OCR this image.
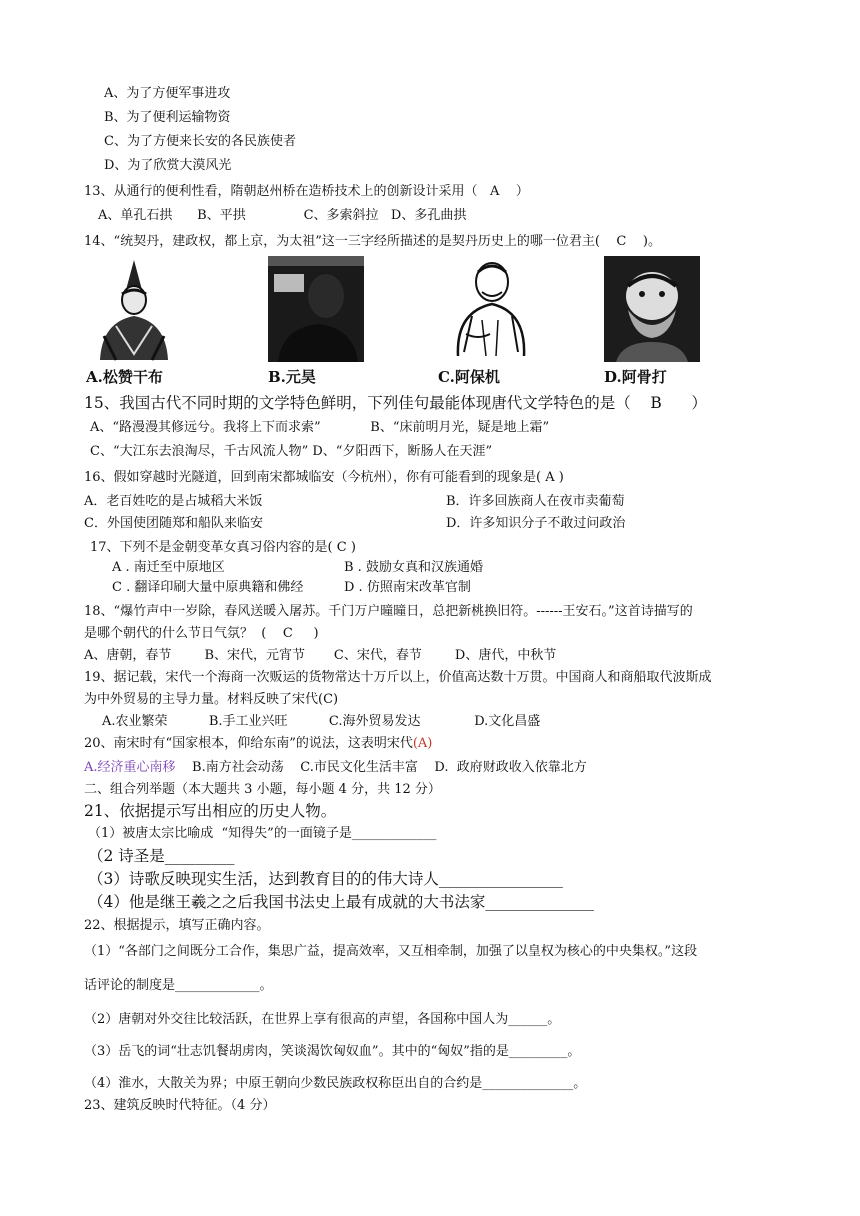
A、为了方便军事进攻
B、为了便利运输物资
C、为了方便来长安的各民族使者
D、为了欣赏大漠风光
13、从通行的便利性看，隋朝赵州桥在造桥技术上的创新设计采用（   A    ）
A、单孔石拱      B、平拱              C、多索斜拉   D、多孔曲拱
14、“统契丹，建政权，都上京，为太祖”这一三字经所描述的是契丹历史上的哪一位君主(    C    )。
A.松赞干布	B.元昊	C.阿保机	D.阿骨打
15、我国古代不同时期的文学特色鲜明，下列佳句最能体现唐代文学特色的是（    B      ）
A、“路漫漫其修远兮。我将上下而求索”            B、“床前明月光，疑是地上霜”
C、“大江东去浪淘尽，千古风流人物” D、“夕阳西下，断肠人在天涯”
16、假如穿越时光隧道，回到南宋都城临安（今杭州），你有可能看到的现象是( A )
A．老百姓吃的是占城稻大米饭	B．许多回族商人在夜市卖葡萄
C．外国使团随郑和船队来临安	D．许多知识分子不敢过问政治
17、下列不是金朝变革女真习俗内容的是( C )
A . 南迁至中原地区	B . 鼓励女真和汉族通婚
C . 翻译印刷大量中原典籍和佛经	D . 仿照南宋改革官制
18、“爆竹声中一岁除，春风送暖入屠苏。千门万户曈曈日，总把新桃换旧符。------王安石。”这首诗描写的
是哪个朝代的什么节日气氛？  (    C     )
A、唐朝，春节        B、宋代，元宵节       C、宋代，春节        D、唐代，中秋节
19、据记载，宋代一个海商一次贩运的货物常达十万斤以上，价值高达数十万贯。中国商人和商船取代波斯成
为中外贸易的主导力量。材料反映了宋代(C)
A.农业繁荣          B.手工业兴旺          C.海外贸易发达             D.文化昌盛
20、南宋时有“国家根本，仰给东南”的说法，这表明宋代(A)
A.经济重心南移    B.南方社会动荡    C.市民文化生活丰富    D.  政府财政收入依靠北方
二、组合列举题（本大题共 3 小题，每小题 4 分，共 12 分）
21、依据提示写出相应的历史人物。
（1）被唐太宗比喻成  “知得失”的一面镜子是_____________
（2 诗圣是_________
（3）诗歌反映现实生活，达到教育目的的伟大诗人________________
（4）他是继王羲之之后我国书法史上最有成就的大书法家______________
22、根据提示，填写正确内容。
（1）“各部门之间既分工合作，集思广益，提高效率，又互相牵制，加强了以皇权为核心的中央集权。”这段
话评论的制度是_____________。
（2）唐朝对外交往比较活跃，在世界上享有很高的声望，各国称中国人为______。
（3）岳飞的词“壮志饥餐胡虏肉，笑谈渴饮匈奴血”。其中的“匈奴”指的是_________。
（4）淮水，大散关为界；中原王朝向少数民族政权称臣出自的合约是______________。
23、建筑反映时代特征。（4 分）
